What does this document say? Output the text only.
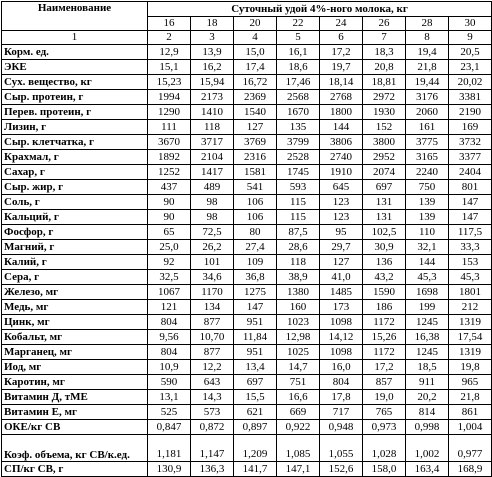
Наименование	Суточный удой 4%-ного молока, кг							
	16	18	20	22	24	26	28	30
1	2	3	4	5	6	7	8	9
Корм. ед.	12,9	13,9	15,0	16,1	17,2	18,3	19,4	20,5
ЭКЕ	15,1	16,2	17,4	18,6	19,7	20,8	21,8	23,1
Сух. вещество, кг	15,23	15,94	16,72	17,46	18,14	18,81	19,44	20,02
Сыр. протеин, г	1994	2173	2369	2568	2768	2972	3176	3381
Перев. протеин, г	1290	1410	1540	1670	1800	1930	2060	2190
Лизин, г	111	118	127	135	144	152	161	169
Сыр. клетчатка, г	3670	3717	3769	3799	3806	3800	3775	3732
Крахмал, г	1892	2104	2316	2528	2740	2952	3165	3377
Сахар, г	1252	1417	1581	1745	1910	2074	2240	2404
Сыр. жир, г	437	489	541	593	645	697	750	801
Соль, г	90	98	106	115	123	131	139	147
Кальций, г	90	98	106	115	123	131	139	147
Фосфор, г	65	72,5	80	87,5	95	102,5	110	117,5
Магний, г	25,0	26,2	27,4	28,6	29,7	30,9	32,1	33,3
Калий, г	92	101	109	118	127	136	144	153
Сера, г	32,5	34,6	36,8	38,9	41,0	43,2	45,3	45,3
Железо, мг	1067	1170	1275	1380	1485	1590	1698	1801
Медь, мг	121	134	147	160	173	186	199	212
Цинк, мг	804	877	951	1023	1098	1172	1245	1319
Кобальт, мг	9,56	10,70	11,84	12,98	14,12	15,26	16,38	17,54
Марганец, мг	804	877	951	1025	1098	1172	1245	1319
Иод, мг	10,9	12,2	13,4	14,7	16,0	17,2	18,5	19,8
Каротин, мг	590	643	697	751	804	857	911	965
Витамин Д, тМЕ	13,1	14,3	15,5	16,6	17,8	19,0	20,2	21,8
Витамин Е, мг	525	573	621	669	717	765	814	861
ОКЕ/кг СВ	0,847	0,872	0,897	0,922	0,948	0,973	0,998	1,004
Коэф. объема, кг СВ/к.ед.	1,181	1,147	1,209	1,085	1,055	1,028	1,002	0,977
СП/кг СВ, г	130,9	136,3	141,7	147,1	152,6	158,0	163,4	168,9
